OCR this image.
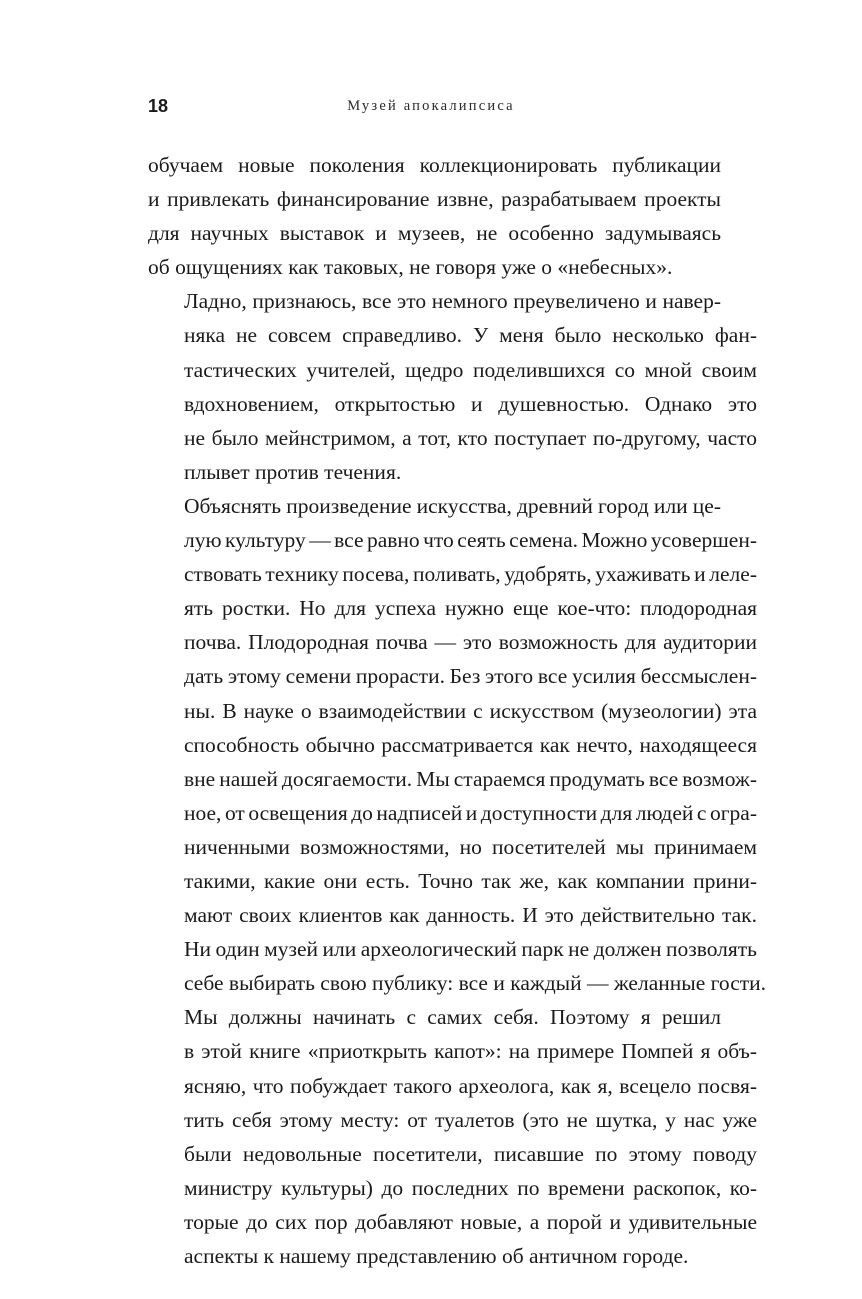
18	Музей апокалипсиса

обучаем новые поколения коллекционировать публикации
и привлекать финансирование извне, разрабатываем проекты
для научных выставок и музеев, не особенно задумываясь
об ощущениях как таковых, не говоря уже о «небесных».

Ладно, признаюсь, все это немного преувеличено и навер-
няка не совсем справедливо. У меня было несколько фан-
тастических учителей, щедро поделившихся со мной своим
вдохновением, открытостью и душевностью. Однако это
не было мейнстримом, а тот, кто поступает по-другому, часто
плывет против течения.

Объяснять произведение искусства, древний город или це-
лую культуру — все равно что сеять семена. Можно усовершен-
ствовать технику посева, поливать, удобрять, ухаживать и леле-
ять ростки. Но для успеха нужно еще кое-что: плодородная
почва. Плодородная почва — это возможность для аудитории
дать этому семени прорасти. Без этого все усилия бессмыслен-
ны. В науке о взаимодействии с искусством (музеологии) эта
способность обычно рассматривается как нечто, находящееся
вне нашей досягаемости. Мы стараемся продумать все возмож-
ное, от освещения до надписей и доступности для людей с огра-
ниченными возможностями, но посетителей мы принимаем
такими, какие они есть. Точно так же, как компании прини-
мают своих клиентов как данность. И это действительно так.
Ни один музей или археологический парк не должен позволять
себе выбирать свою публику: все и каждый — желанные гости.

Мы должны начинать с самих себя. Поэтому я решил
в этой книге «приоткрыть капот»: на примере Помпей я объ-
ясняю, что побуждает такого археолога, как я, всецело посвя-
тить себя этому месту: от туалетов (это не шутка, у нас уже
были недовольные посетители, писавшие по этому поводу
министру культуры) до последних по времени раскопок, ко-
торые до сих пор добавляют новые, а порой и удивительные
аспекты к нашему представлению об античном городе.
